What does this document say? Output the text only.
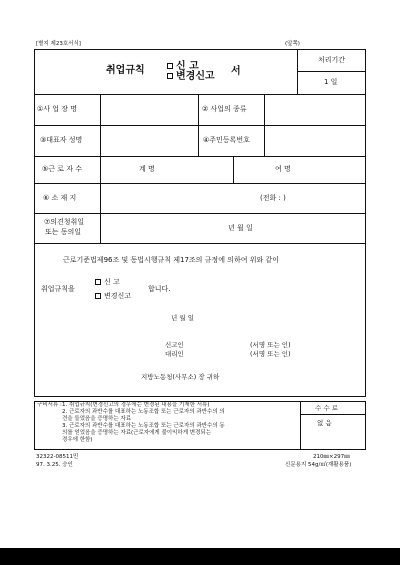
[별지 제23호서식]	(앞쪽)
취업규칙	신 고
변경신고 서
처리기간
1 일
①사 업 장 명	② 사업의 종류
③대표자 성명	④주민등록번호
⑤근 로 자 수	계 명	여 명
⑥ 소 재 지	(전화 : )
⑦의견청취일
또는 동의일	년 월 일
근로기준법제96조 및 동법시행규칙 제17조의 규정에 의하여 위와 같이
취업규칙을
신 고
변경신고
합니다.
년 월 일
신고인
대리인
(서명 또는 인)
(서명 또는 인)
지방노동청(사무소) 장 귀하
구비서류 : 1. 취업규칙(변경신고의 경우에는 변경된 내용을 기재한 서류)
2. 근로자의 과반수를 대표하는 노동조합 또는 근로자의 과반수의 의
견을 들었음을 증명하는 자료
3. 근로자의 과반수를 대표하는 노동조합 또는 근로자의 과반수의 동
의를 얻었음을 증명하는 자료(근로자에게 불이익하게 변경되는
경우에 한함)
수 수 료
없 음
32322-08511민
97. 3.25. 승인
210㎜×297㎜
신문용지 54g/㎡(재활용품)
